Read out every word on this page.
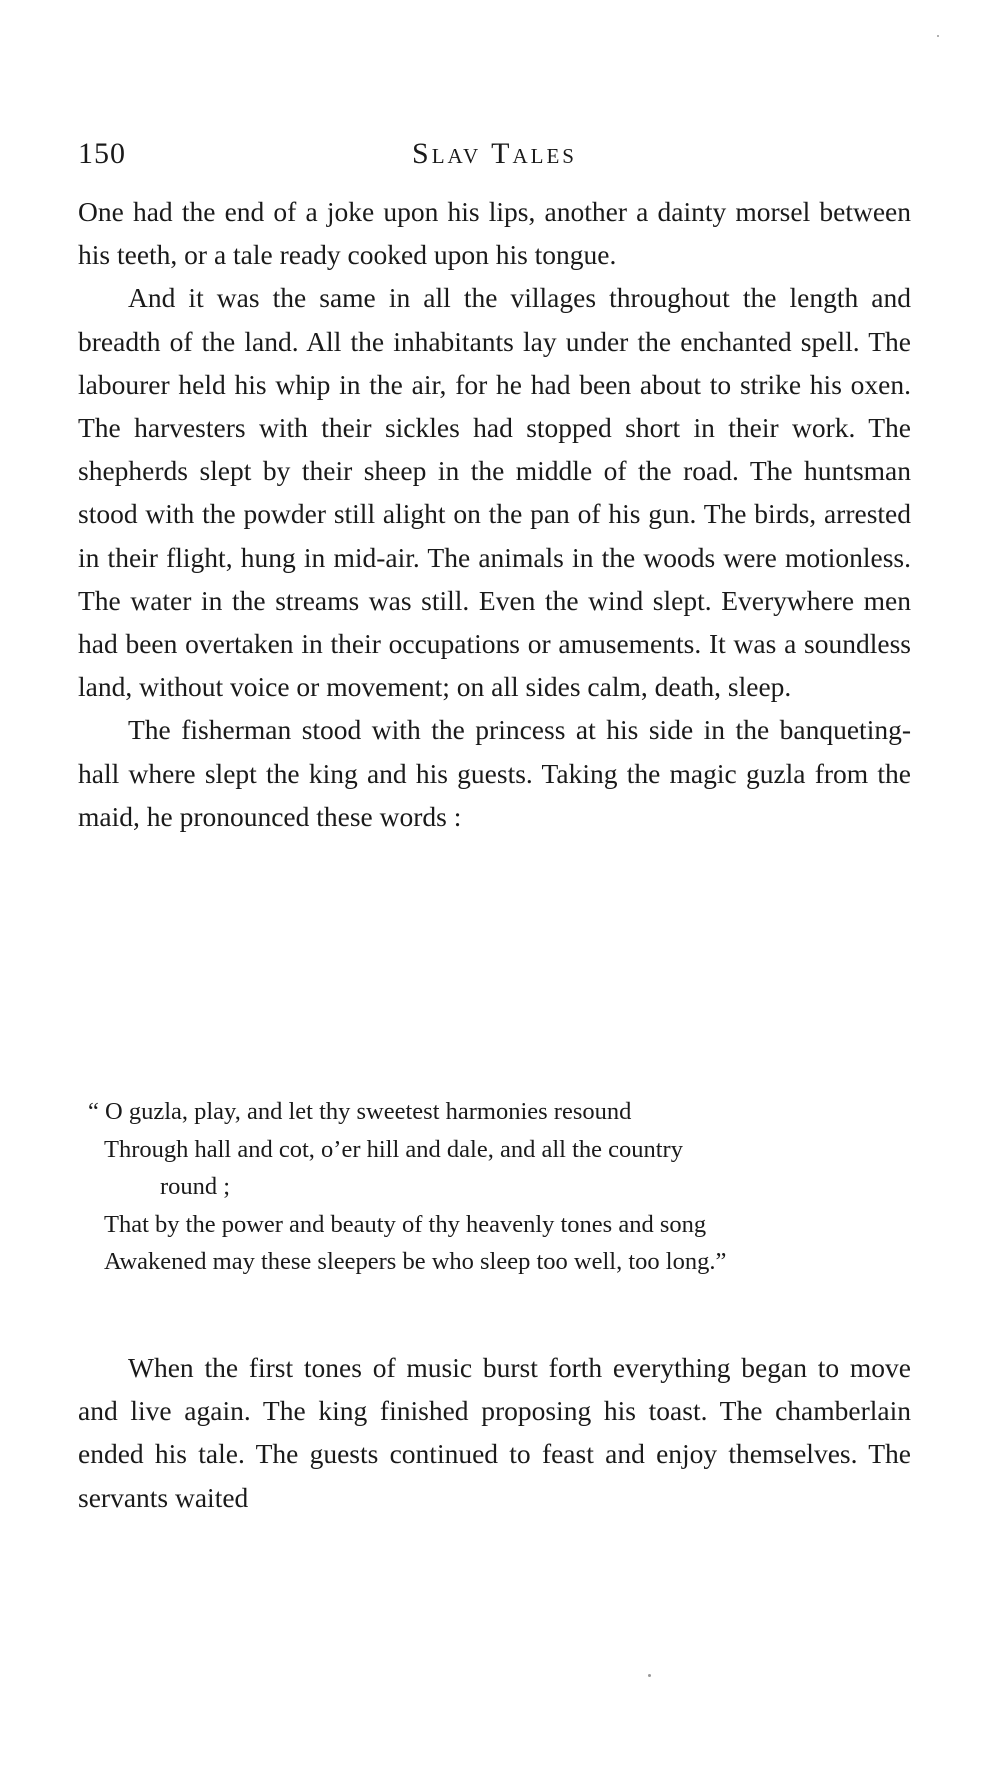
150	Slav Tales

One had the end of a joke upon his lips, another a dainty morsel between his teeth, or a tale ready cooked upon his tongue.

And it was the same in all the villages throughout the length and breadth of the land. All the inhabitants lay under the enchanted spell. The labourer held his whip in the air, for he had been about to strike his oxen. The harvesters with their sickles had stopped short in their work. The shepherds slept by their sheep in the middle of the road. The huntsman stood with the powder still alight on the pan of his gun. The birds, arrested in their flight, hung in mid-air. The animals in the woods were motionless. The water in the streams was still. Even the wind slept. Everywhere men had been overtaken in their occupations or amusements. It was a soundless land, without voice or movement; on all sides calm, death, sleep.

The fisherman stood with the princess at his side in the banqueting-hall where slept the king and his guests. Taking the magic guzla from the maid, he pronounced these words :

“ O guzla, play, and let thy sweetest harmonies resound
Through hall and cot, o’er hill and dale, and all the country
round ;
That by the power and beauty of thy heavenly tones and song
Awakened may these sleepers be who sleep too well, too long.”

When the first tones of music burst forth everything began to move and live again. The king finished proposing his toast. The chamberlain ended his tale. The guests continued to feast and enjoy themselves. The servants waited
